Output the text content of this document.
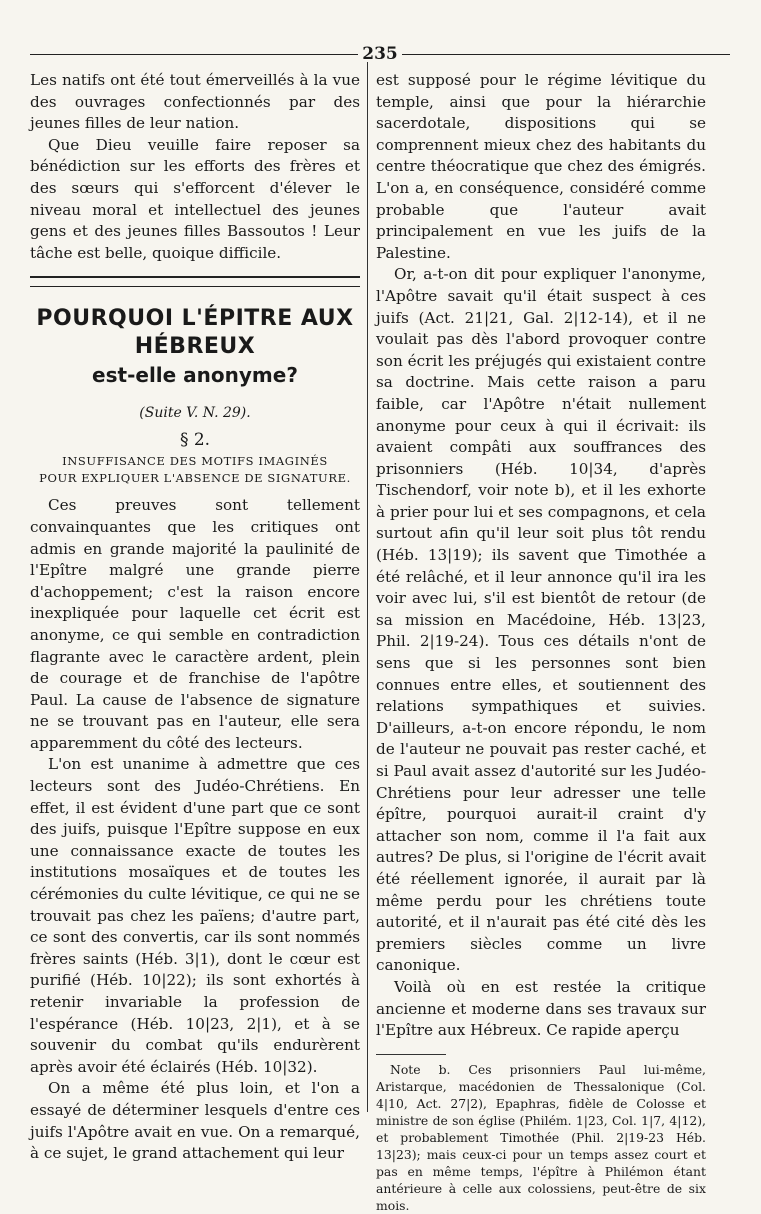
235

Les natifs ont été tout émerveillés à la vue des ouvrages confectionnés par des jeunes filles de leur nation.

Que Dieu veuille faire reposer sa bénédiction sur les efforts des frères et des sœurs qui s'efforcent d'élever le niveau moral et intellectuel des jeunes gens et des jeunes filles Bassoutos ! Leur tâche est belle, quoique difficile.

POURQUOI L'ÉPITRE AUX HÉBREUX
est-elle anonyme?
(Suite V. N. 29).
§ 2.
INSUFFISANCE DES MOTIFS IMAGINÉS
POUR EXPLIQUER L'ABSENCE DE SIGNATURE.

Ces preuves sont tellement convainquantes que les critiques ont admis en grande majorité la paulinité de l'Epître malgré une grande pierre d'achoppement; c'est la raison encore inexpliquée pour laquelle cet écrit est anonyme, ce qui semble en contradiction flagrante avec le caractère ardent, plein de courage et de franchise de l'apôtre Paul. La cause de l'absence de signature ne se trouvant pas en l'auteur, elle sera apparemment du côté des lecteurs.

L'on est unanime à admettre que ces lecteurs sont des Judéo-Chrétiens. En effet, il est évident d'une part que ce sont des juifs, puisque l'Epître suppose en eux une connaissance exacte de toutes les institutions mosaïques et de toutes les cérémonies du culte lévitique, ce qui ne se trouvait pas chez les païens; d'autre part, ce sont des convertis, car ils sont nommés frères saints (Héb. 3|1), dont le cœur est purifié (Héb. 10|22); ils sont exhortés à retenir invariable la profession de l'espérance (Héb. 10|23, 2|1), et à se souvenir du combat qu'ils endurèrent après avoir été éclairés (Héb. 10|32).

On a même été plus loin, et l'on a essayé de déterminer lesquels d'entre ces juifs l'Apôtre avait en vue. On a remarqué, à ce sujet, le grand attachement qui leur

est supposé pour le régime lévitique du temple, ainsi que pour la hiérarchie sacerdotale, dispositions qui se comprennent mieux chez des habitants du centre théocratique que chez des émigrés. L'on a, en conséquence, considéré comme probable que l'auteur avait principalement en vue les juifs de la Palestine.

Or, a-t-on dit pour expliquer l'anonyme, l'Apôtre savait qu'il était suspect à ces juifs (Act. 21|21, Gal. 2|12-14), et il ne voulait pas dès l'abord provoquer contre son écrit les préjugés qui existaient contre sa doctrine. Mais cette raison a paru faible, car l'Apôtre n'était nullement anonyme pour ceux à qui il écrivait: ils avaient compâti aux souffrances des prisonniers (Héb. 10|34, d'après Tischendorf, voir note b), et il les exhorte à prier pour lui et ses compagnons, et cela surtout afin qu'il leur soit plus tôt rendu (Héb. 13|19); ils savent que Timothée a été relâché, et il leur annonce qu'il ira les voir avec lui, s'il est bientôt de retour (de sa mission en Macédoine, Héb. 13|23, Phil. 2|19-24). Tous ces détails n'ont de sens que si les personnes sont bien connues entre elles, et soutiennent des relations sympathiques et suivies. D'ailleurs, a-t-on encore répondu, le nom de l'auteur ne pouvait pas rester caché, et si Paul avait assez d'autorité sur les Judéo-Chrétiens pour leur adresser une telle épître, pourquoi aurait-il craint d'y attacher son nom, comme il l'a fait aux autres? De plus, si l'origine de l'écrit avait été réellement ignorée, il aurait par là même perdu pour les chrétiens toute autorité, et il n'aurait pas été cité dès les premiers siècles comme un livre canonique.

Voilà où en est restée la critique ancienne et moderne dans ses travaux sur l'Epître aux Hébreux. Ce rapide aperçu

Note b. Ces prisonniers Paul lui-même, Aristarque, macédonien de Thessalonique (Col. 4|10, Act. 27|2), Epaphras, fidèle de Colosse et ministre de son église (Philém. 1|23, Col. 1|7, 4|12), et probablement Timothée (Phil. 2|19-23 Héb. 13|23); mais ceux-ci pour un temps assez court et pas en même temps, l'épître à Philémon étant antérieure à celle aux colossiens, peut-être de six mois.
